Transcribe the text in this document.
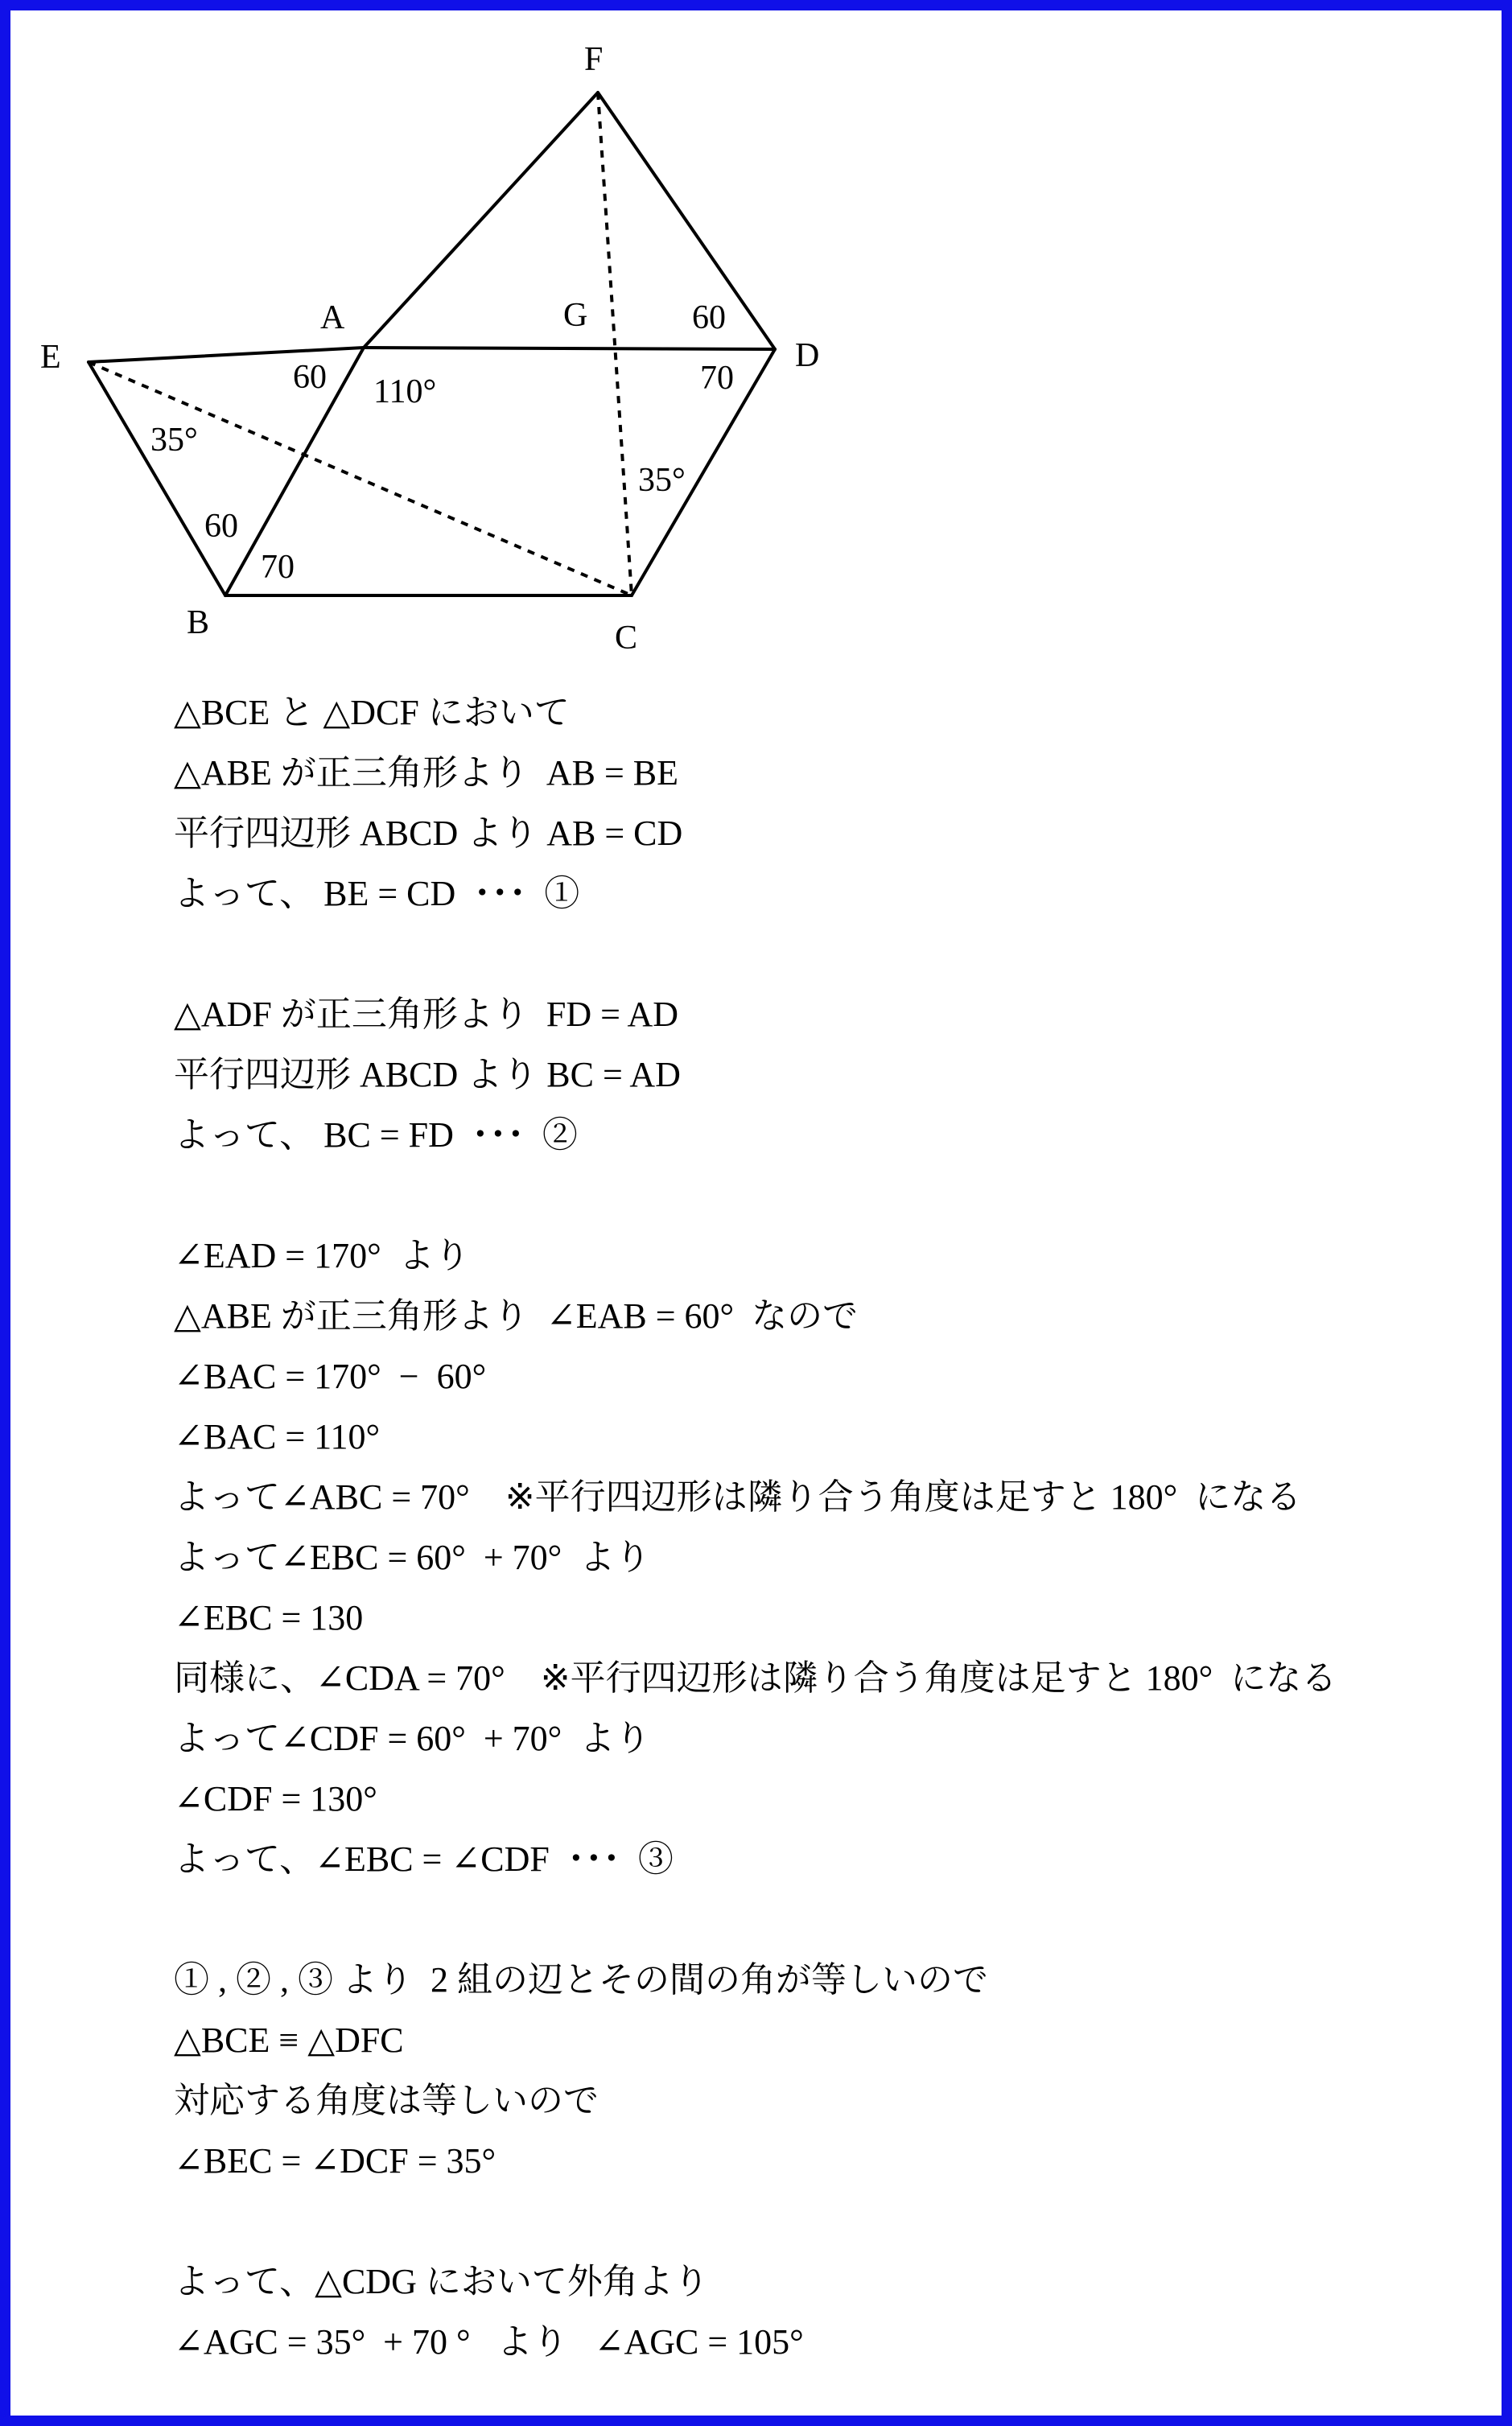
F
A	G
D
E
B	C
60
70
60 110°
35°
35°
60
70
△BCE と △DCF において
△ABE が正三角形より  AB = BE
平行四辺形 ABCD より AB = CD
よって、 BE = CD  ･･･  ①
△ADF が正三角形より  FD = AD
平行四辺形 ABCD より BC = AD
よって、 BC = FD  ･･･  ②
∠EAD = 170°  より
△ABE が正三角形より  ∠EAB = 60°  なので
∠BAC = 170°  −  60°
∠BAC = 110°
よって∠ABC = 70°    ※平行四辺形は隣り合う角度は足すと 180°  になる
よって∠EBC = 60°  + 70°  より
∠EBC = 130
同様に、∠CDA = 70°    ※平行四辺形は隣り合う角度は足すと 180°  になる
よって∠CDF = 60°  + 70°  より
∠CDF = 130°
よって、∠EBC = ∠CDF  ･･･  ③
① , ② , ③ より  2 組の辺とその間の角が等しいので
△BCE ≡ △DFC
対応する角度は等しいので
∠BEC = ∠DCF = 35°
よって、△CDG において外角より
∠AGC = 35°  + 70 °   より   ∠AGC = 105°
